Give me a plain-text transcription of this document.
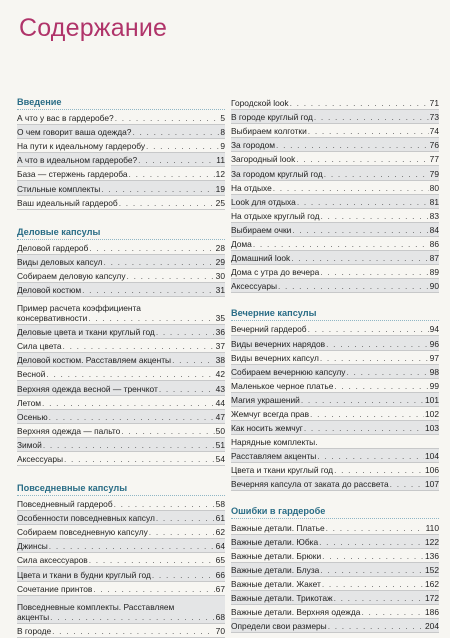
Содержание
Введение
А что у вас в гардеробе? . . .	5
О чем говорит ваша одежда? . . .	8
На пути к идеальному гардеробу . . .	9
А что в идеальном гардеробе? . . .	11
База — стержень гардероба . . .	12
Стильные комплекты . . .	19
Ваш идеальный гардероб . . .	25
Деловые капсулы
Деловой гардероб . . .	28
Виды деловых капсул . . .	29
Собираем деловую капсулу . . .	30
Деловой костюм . . .	31
Пример расчета коэффициента
консервативности . . .	35
Деловые цвета и ткани круглый год . . .	36
Сила цвета . . .	37
Деловой костюм. Расставляем акценты . . .	38
Весной . . .	42
Верхняя одежда весной — тренчкот . . .	43
Летом . . .	44
Осенью . . .	47
Верхняя одежда — пальто . . .	50
Зимой . . .	51
Аксессуары . . .	54
Повседневные капсулы
Повседневный гардероб . . .	58
Особенности повседневных капсул . . .	61
Собираем повседневную капсулу . . .	62
Джинсы . . .	64
Сила аксессуаров . . .	65
Цвета и ткани в будни круглый год . . .	66
Сочетание принтов . . .	67
Повседневные комплекты. Расставляем
акценты . . .	68
В городе . . .	70
Городской look . . .	71
В городе круглый год . . .	73
Выбираем колготки . . .	74
За городом . . .	76
Загородный look . . .	77
За городом круглый год . . .	79
На отдыхе . . .	80
Look для отдыха . . .	81
На отдыхе круглый год . . .	83
Выбираем очки . . .	84
Дома . . .	86
Домашний look . . .	87
Дома с утра до вечера . . .	89
Аксессуары . . .	90
Вечерние капсулы
Вечерний гардероб . . .	94
Виды вечерних нарядов . . .	96
Виды вечерних капсул . . .	97
Собираем вечернюю капсулу . . .	98
Маленькое черное платье . . .	99
Магия украшений . . .	101
Жемчуг всегда прав . . .	102
Как носить жемчуг . . .	103
Нарядные комплекты.
Расставляем акценты . . .	104
Цвета и ткани круглый год . . .	106
Вечерняя капсула от заката до рассвета . . .	107
Ошибки в гардеробе
Важные детали. Платье . . .	110
Важные детали. Юбка . . .	122
Важные детали. Брюки . . .	136
Важные детали. Блуза . . .	152
Важные детали. Жакет . . .	162
Важные детали. Трикотаж . . .	172
Важные детали. Верхняя одежда . . .	186
Определи свои размеры . . .	204
